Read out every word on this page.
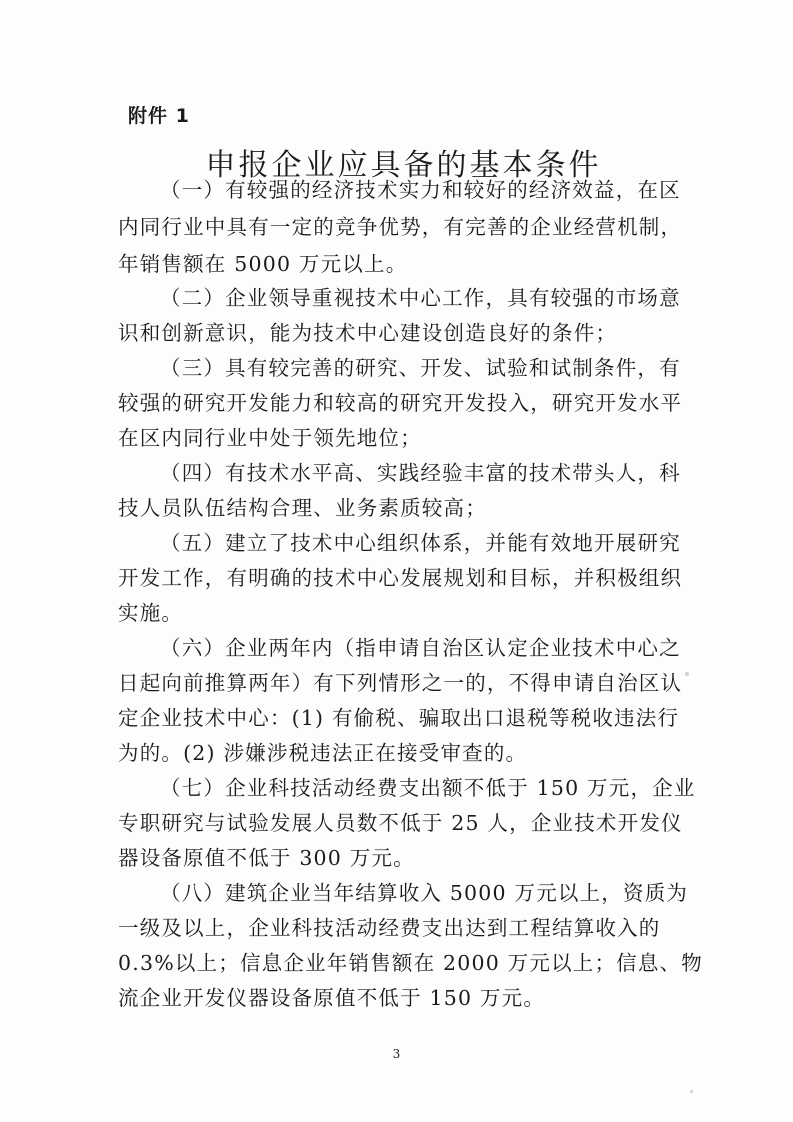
附件 1
申报企业应具备的基本条件
（一）有较强的经济技术实力和较好的经济效益，在区
内同行业中具有一定的竞争优势，有完善的企业经营机制，
年销售额在 5000 万元以上。
（二）企业领导重视技术中心工作，具有较强的市场意
识和创新意识，能为技术中心建设创造良好的条件；
（三）具有较完善的研究、开发、试验和试制条件，有
较强的研究开发能力和较高的研究开发投入，研究开发水平
在区内同行业中处于领先地位；
（四）有技术水平高、实践经验丰富的技术带头人，科
技人员队伍结构合理、业务素质较高；
（五）建立了技术中心组织体系，并能有效地开展研究
开发工作，有明确的技术中心发展规划和目标，并积极组织
实施。
（六）企业两年内（指申请自治区认定企业技术中心之
日起向前推算两年）有下列情形之一的，不得申请自治区认
定企业技术中心：(1) 有偷税、骗取出口退税等税收违法行
为的。(2) 涉嫌涉税违法正在接受审查的。
（七）企业科技活动经费支出额不低于 150 万元，企业
专职研究与试验发展人员数不低于 25 人，企业技术开发仪
器设备原值不低于 300 万元。
（八）建筑企业当年结算收入 5000 万元以上，资质为
一级及以上，企业科技活动经费支出达到工程结算收入的
0.3%以上；信息企业年销售额在 2000 万元以上；信息、物
流企业开发仪器设备原值不低于 150 万元。
3
